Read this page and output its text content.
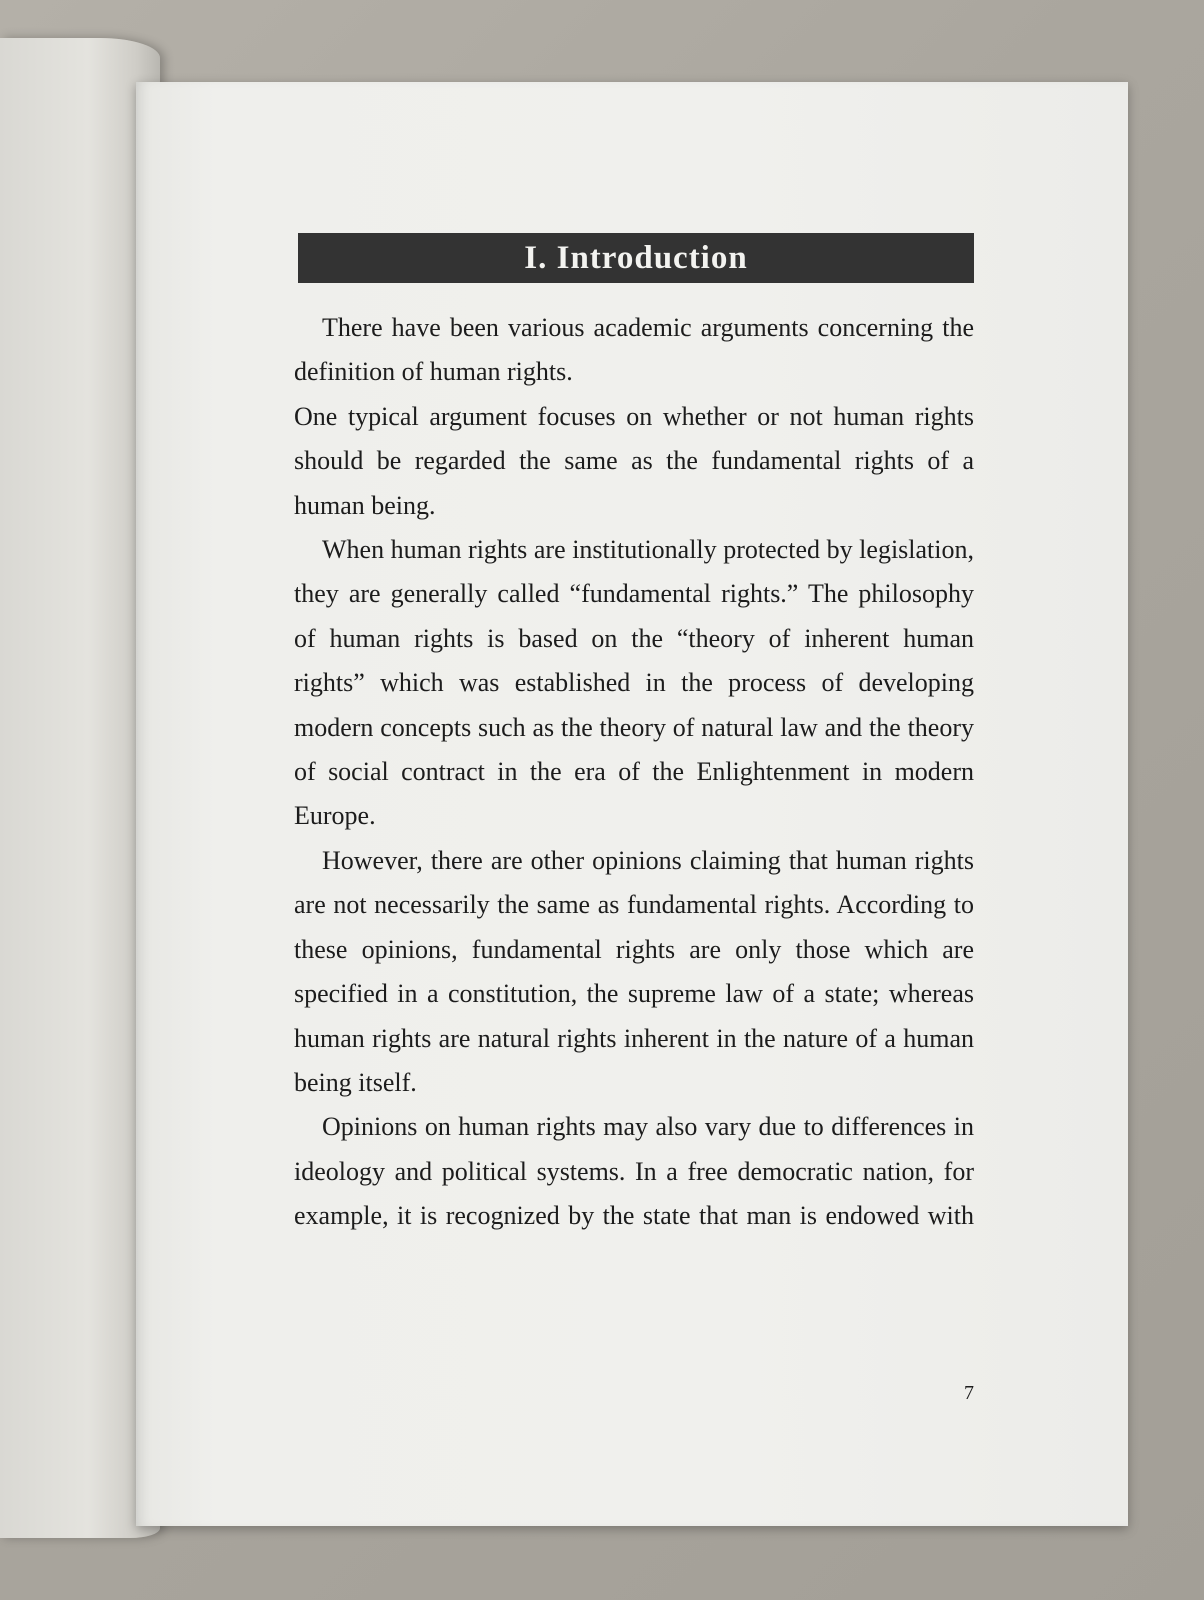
I. Introduction

There have been various academic arguments concerning the definition of human rights.

One typical argument focuses on whether or not human rights should be regarded the same as the fundamental rights of a human being.

When human rights are institutionally protected by legislation, they are generally called “fundamental rights.” The philosophy of human rights is based on the “theory of inherent human rights” which was established in the process of developing modern concepts such as the theory of natural law and the theory of social contract in the era of the Enlightenment in modern Europe.

However, there are other opinions claiming that human rights are not necessarily the same as fundamental rights. According to these opinions, fundamental rights are only those which are specified in a constitution, the supreme law of a state; whereas human rights are natural rights inherent in the nature of a human being itself.

Opinions on human rights may also vary due to differences in ideology and political systems. In a free democratic nation, for example, it is recognized by the state that man is endowed with

7
